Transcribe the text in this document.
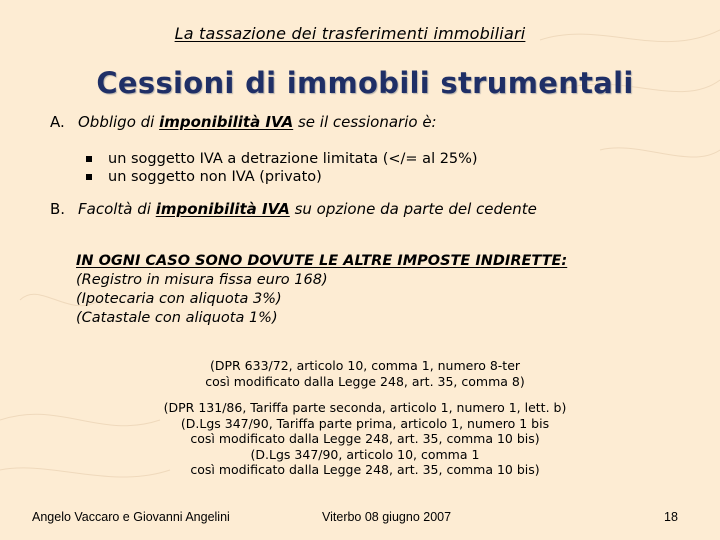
La tassazione dei trasferimenti immobiliari
Cessioni di immobili strumentali
A. Obbligo di imponibilità IVA se il cessionario è:
un soggetto IVA a detrazione limitata (</= al 25%)
un soggetto non IVA (privato)
B. Facoltà di imponibilità IVA su opzione da parte del cedente
IN OGNI CASO SONO DOVUTE LE ALTRE IMPOSTE INDIRETTE:
(Registro in misura fissa euro 168)
(Ipotecaria con aliquota 3%)
(Catastale con aliquota 1%)
(DPR 633/72, articolo 10, comma 1, numero 8-ter
così modificato dalla Legge 248, art. 35, comma 8)
(DPR 131/86, Tariffa parte seconda, articolo 1, numero 1, lett. b)
(D.Lgs 347/90, Tariffa parte prima, articolo 1, numero 1 bis
così modificato dalla Legge 248, art. 35, comma 10 bis)
(D.Lgs 347/90, articolo 10, comma 1
così modificato dalla Legge 248, art. 35, comma 10 bis)
Angelo Vaccaro e Giovanni Angelini	Viterbo 08 giugno 2007	18
